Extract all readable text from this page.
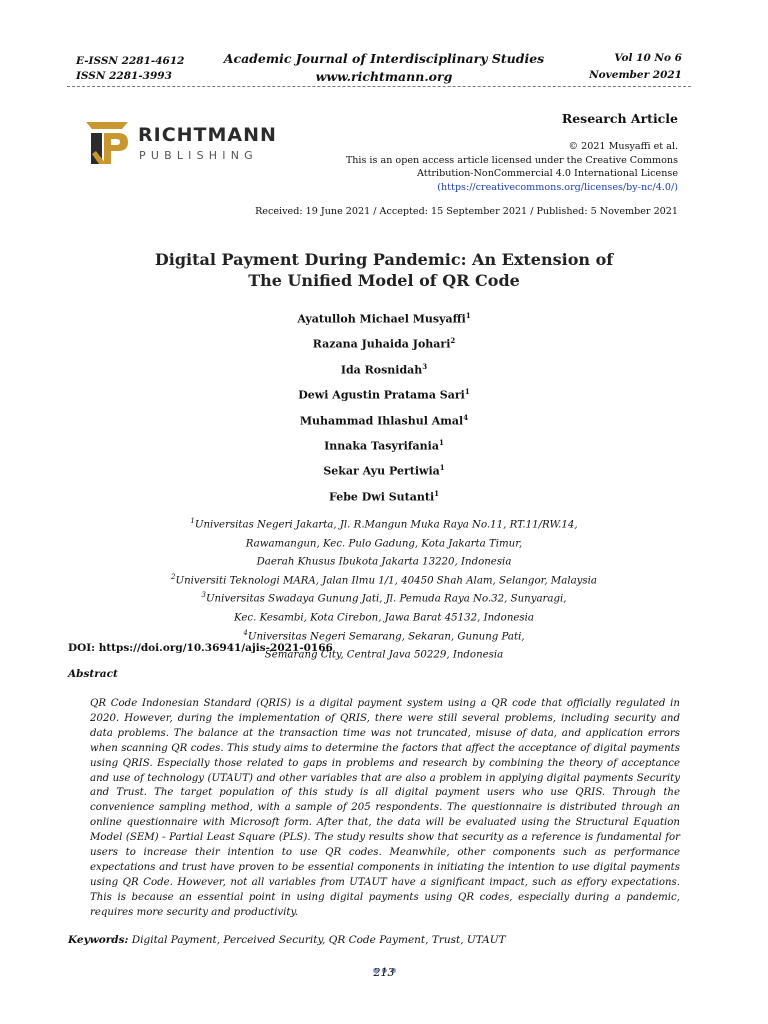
E-ISSN 2281-4612
ISSN 2281-3993
Academic Journal of Interdisciplinary Studies
www.richtmann.org
Vol 10 No 6
November 2021
RICHTMANN
PUBLISHING
Research Article
© 2021 Musyaffi et al.
This is an open access article licensed under the Creative Commons
Attribution-NonCommercial 4.0 International License
(https://creativecommons.org/licenses/by-nc/4.0/)
Received: 19 June 2021 / Accepted: 15 September 2021 / Published: 5 November 2021
Digital Payment During Pandemic: An Extension of
The Unified Model of QR Code
Ayatulloh Michael Musyaffi$^1$
Razana Juhaida Johari$^2$
Ida Rosnidah$^3$
Dewi Agustin Pratama Sari$^1$
Muhammad Ihlashul Amal$^4$
Innaka Tasyrifania$^1$
Sekar Ayu Pertiwia$^1$
Febe Dwi Sutanti$^1$
$^1$Universitas Negeri Jakarta, Jl. R.Mangun Muka Raya No.11, RT.11/RW.14,
Rawamangun, Kec. Pulo Gadung, Kota Jakarta Timur,
Daerah Khusus Ibukota Jakarta 13220, Indonesia
$^2$Universiti Teknologi MARA, Jalan Ilmu 1/1, 40450 Shah Alam, Selangor, Malaysia
$^3$Universitas Swadaya Gunung Jati, Jl. Pemuda Raya No.32, Sunyaragi,
Kec. Kesambi, Kota Cirebon, Jawa Barat 45132, Indonesia
$^4$Universitas Negeri Semarang, Sekaran, Gunung Pati,
Semarang City, Central Java 50229, Indonesia
DOI: https://doi.org/10.36941/ajis-2021-0166
Abstract
QR Code Indonesian Standard (QRIS) is a digital payment system using a QR code that officially regulated in 2020. However, during the implementation of QRIS, there were still several problems, including security and data problems. The balance at the transaction time was not truncated, misuse of data, and application errors when scanning QR codes. This study aims to determine the factors that affect the acceptance of digital payments using QRIS. Especially those related to gaps in problems and research by combining the theory of acceptance and use of technology (UTAUT) and other variables that are also a problem in applying digital payments Security and Trust. The target population of this study is all digital payment users who use QRIS. Through the convenience sampling method, with a sample of 205 respondents. The questionnaire is distributed through an online questionnaire with Microsoft form. After that, the data will be evaluated using the Structural Equation Model (SEM) - Partial Least Square (PLS). The study results show that security as a reference is fundamental for users to increase their intention to use QR codes. Meanwhile, other components such as performance expectations and trust have proven to be essential components in initiating the intention to use digital payments using QR Code. However, not all variables from UTAUT have a significant impact, such as effory expectations. This is because an essential point in using digital payments using QR codes, especially during a pandemic, requires more security and productivity.
Keywords: Digital Payment, Perceived Security, QR Code Payment, Trust, UTAUT
213
